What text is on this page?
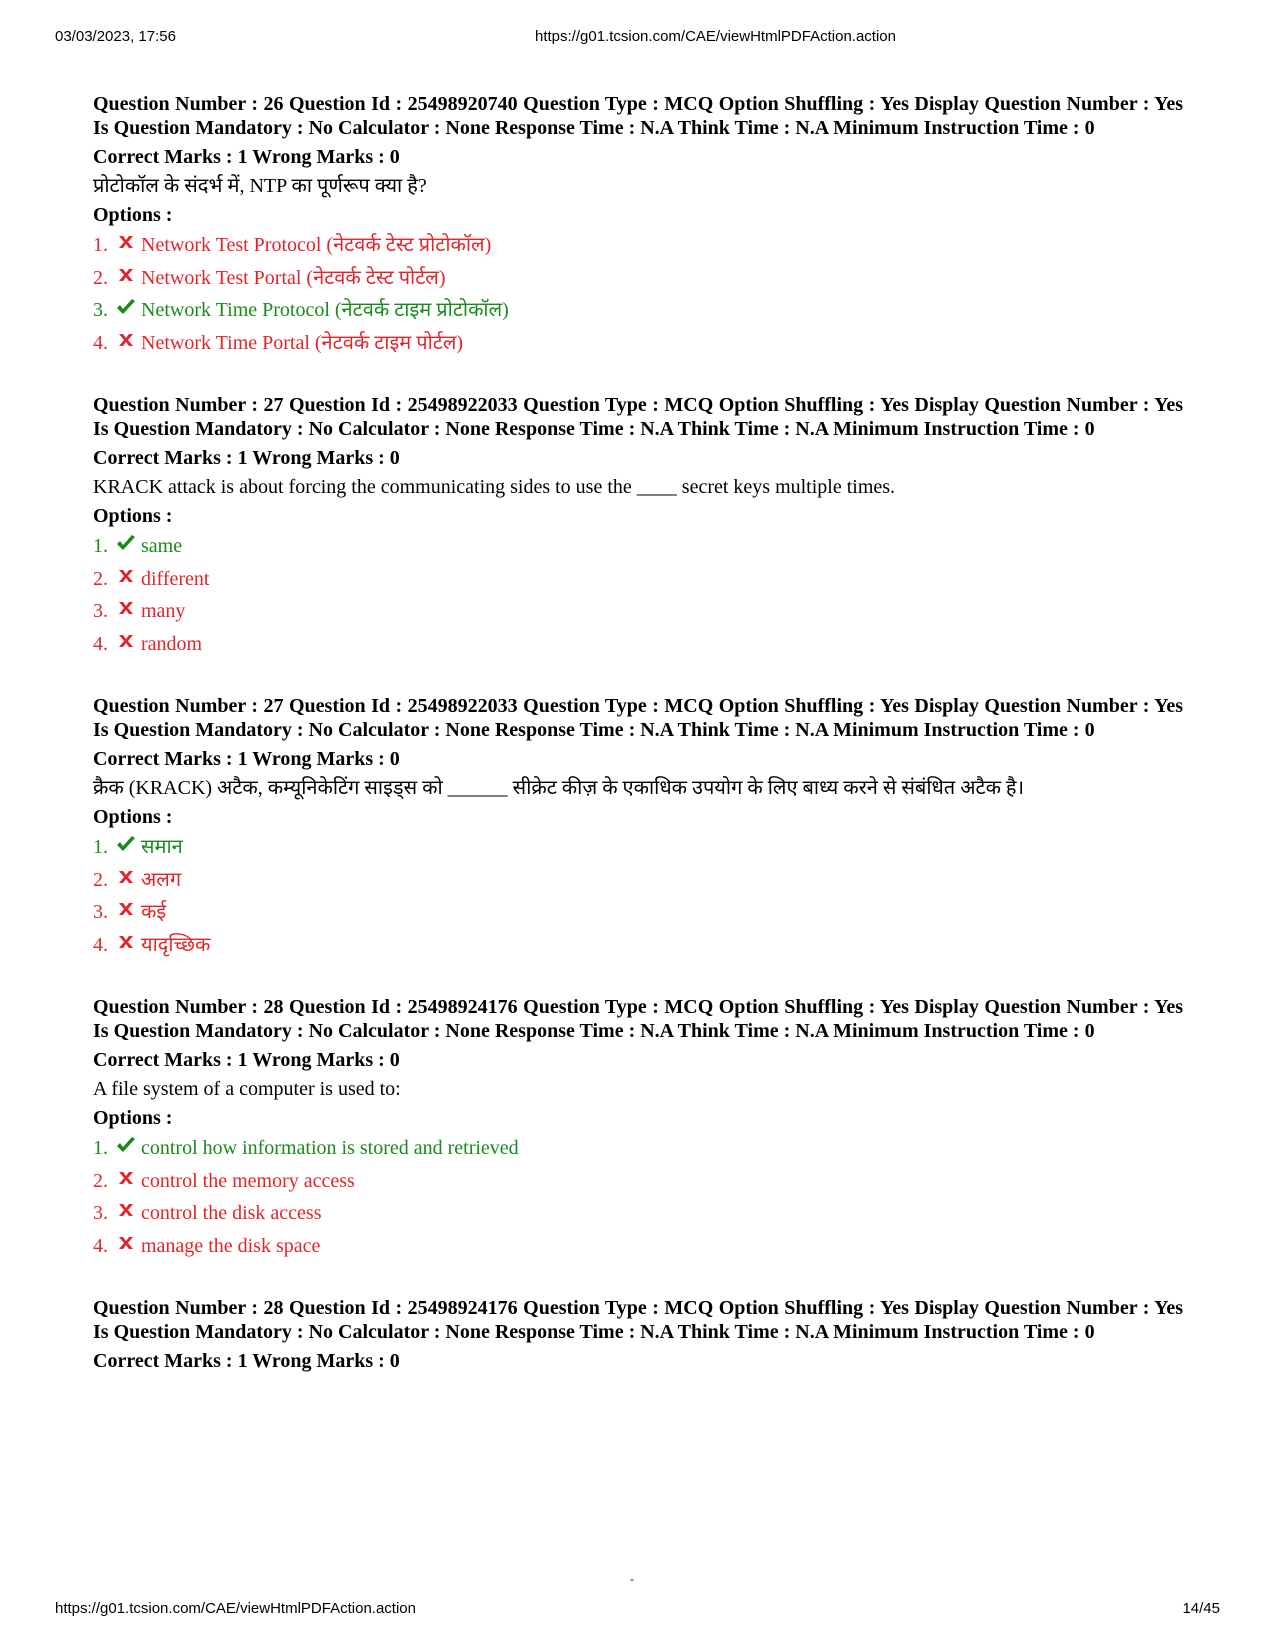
03/03/2023, 17:56	https://g01.tcsion.com/CAE/viewHtmlPDFAction.action
Question Number : 26 Question Id : 25498920740 Question Type : MCQ Option Shuffling : Yes Display Question Number : Yes Is Question Mandatory : No Calculator : None Response Time : N.A Think Time : N.A Minimum Instruction Time : 0
Correct Marks : 1 Wrong Marks : 0
प्रोटोकॉल के संदर्भ में, NTP का पूर्णरूप क्या है?
Options :
1.	Network Test Protocol (नेटवर्क टेस्ट प्रोटोकॉल)
2.	Network Test Portal (नेटवर्क टेस्ट पोर्टल)
3.	Network Time Protocol (नेटवर्क टाइम प्रोटोकॉल)
4.	Network Time Portal (नेटवर्क टाइम पोर्टल)
Question Number : 27 Question Id : 25498922033 Question Type : MCQ Option Shuffling : Yes Display Question Number : Yes Is Question Mandatory : No Calculator : None Response Time : N.A Think Time : N.A Minimum Instruction Time : 0
Correct Marks : 1 Wrong Marks : 0
KRACK attack is about forcing the communicating sides to use the ____ secret keys multiple times.
Options :
1.	same
2.	different
3.	many
4.	random
Question Number : 27 Question Id : 25498922033 Question Type : MCQ Option Shuffling : Yes Display Question Number : Yes Is Question Mandatory : No Calculator : None Response Time : N.A Think Time : N.A Minimum Instruction Time : 0
Correct Marks : 1 Wrong Marks : 0
क्रैक (KRACK) अटैक, कम्यूनिकेटिंग साइड्स को ______ सीक्रेट कीज़ के एकाधिक उपयोग के लिए बाध्य करने से संबंधित अटैक है।
Options :
1.	समान
2.	अलग
3.	कई
4.	यादृच्छिक
Question Number : 28 Question Id : 25498924176 Question Type : MCQ Option Shuffling : Yes Display Question Number : Yes Is Question Mandatory : No Calculator : None Response Time : N.A Think Time : N.A Minimum Instruction Time : 0
Correct Marks : 1 Wrong Marks : 0
A file system of a computer is used to:
Options :
1.	control how information is stored and retrieved
2.	control the memory access
3.	control the disk access
4.	manage the disk space
Question Number : 28 Question Id : 25498924176 Question Type : MCQ Option Shuffling : Yes Display Question Number : Yes Is Question Mandatory : No Calculator : None Response Time : N.A Think Time : N.A Minimum Instruction Time : 0
Correct Marks : 1 Wrong Marks : 0
-
https://g01.tcsion.com/CAE/viewHtmlPDFAction.action	14/45
